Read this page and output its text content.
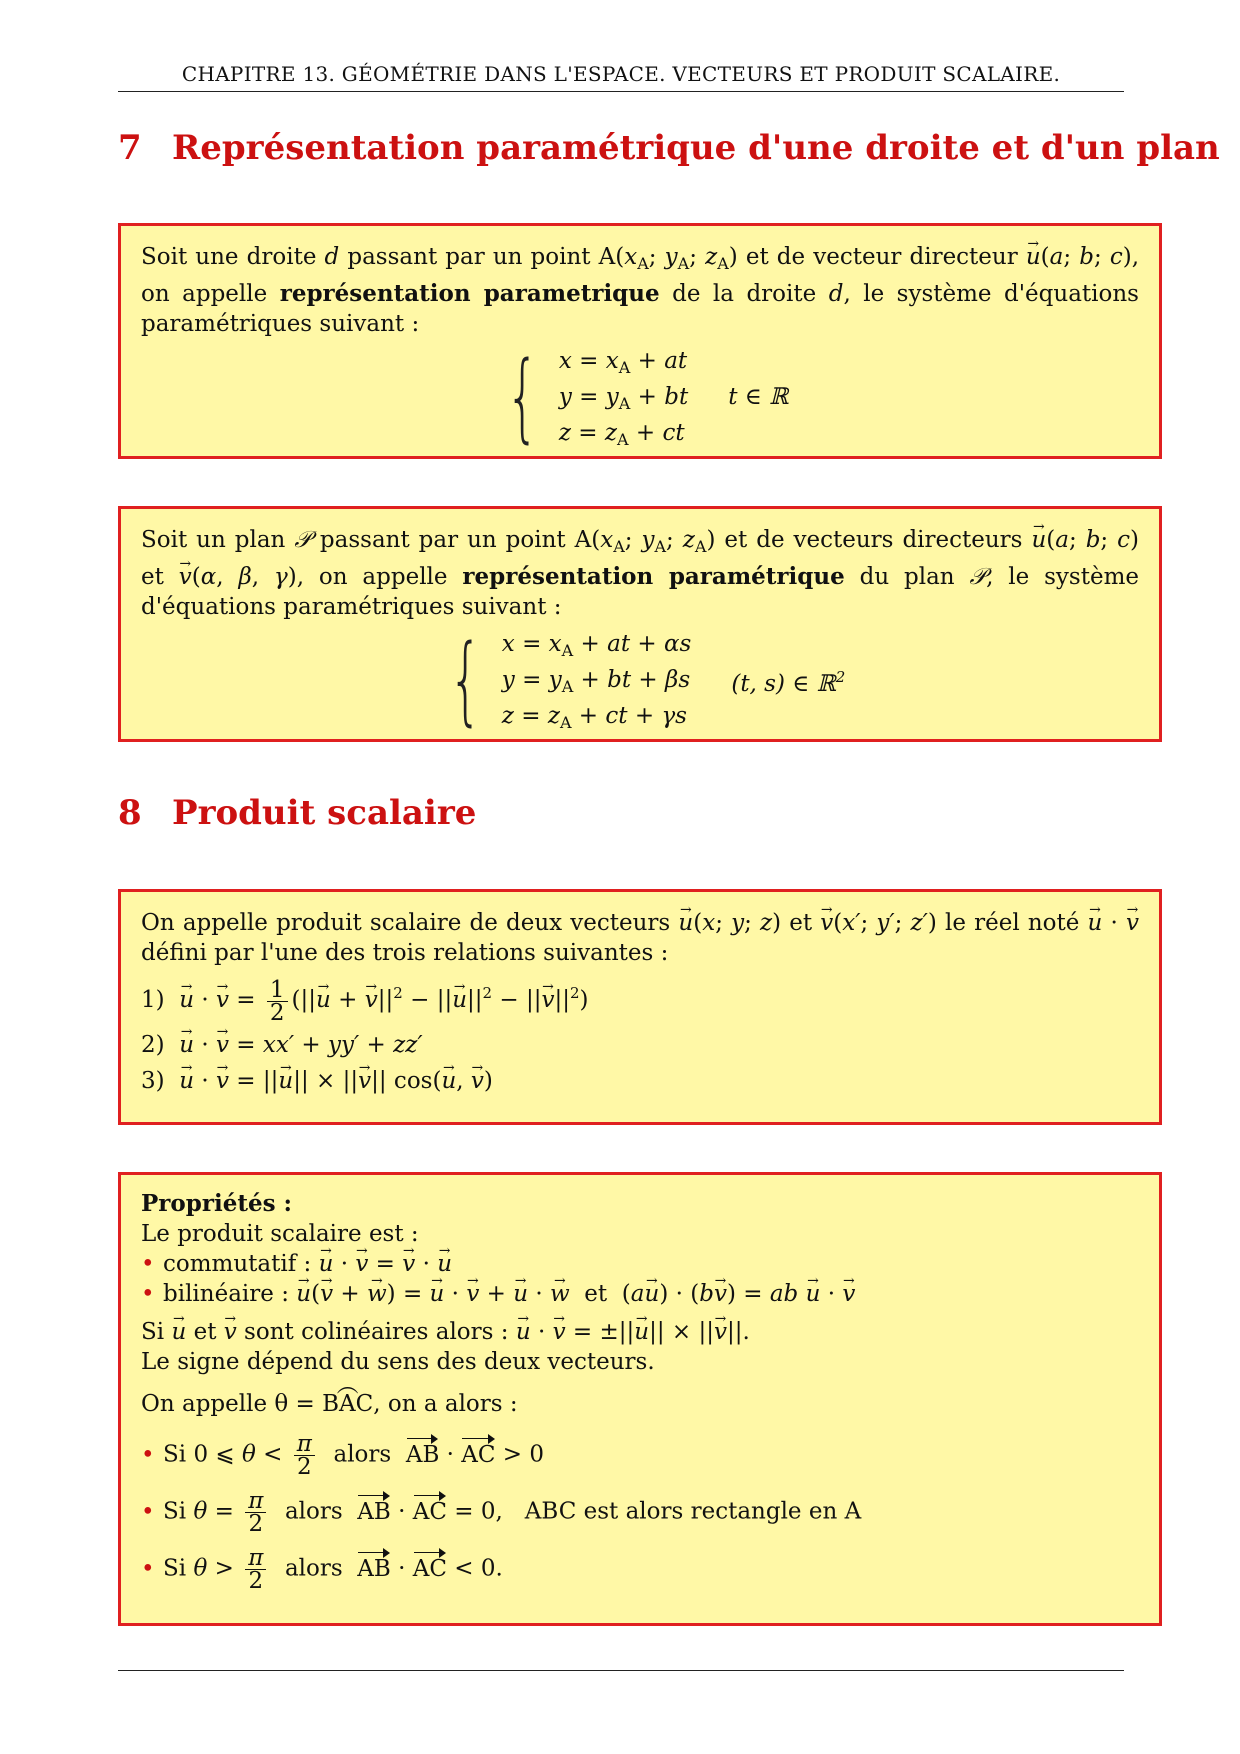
CHAPITRE 13. GÉOMÉTRIE DANS L'ESPACE. VECTEURS ET PRODUIT SCALAIRE.
7 Représentation paramétrique d'une droite et d'un plan

Soit une droite d passant par un point $A(x_A$; $y_A$; $z_A$) et de vecteur directeur → u(a; b; c), on appelle représentation parametrique de la droite d, le système d'équations paramétriques suivant :

{ $x = x_A$ + at
$y = y_A$ + bt
$z = z_A$ + ct
t ∈ ℝ

Soit un plan 𝒫 passant par un point $A(x_A$; $y_A$; $z_A$) et de vecteurs directeurs → u(a; b; c) et → v(α, β, γ), on appelle représentation paramétrique du plan 𝒫, le système d'équations paramétriques suivant :

{ $x = x_A$ + at + αs
$y = y_A$ + bt + βs
$z = z_A$ + ct + γs
(t, s) ∈ ℝ$^2$
8 Produit scalaire

On appelle produit scalaire de deux vecteurs → u(x; y; z) et → v(x′; y′; z′) le réel noté → u · → v défini par l'une des trois relations suivantes :

1) → u · → $v = \frac{1}{2}$ (||→ u + → $v||^2$ − ||→ $u||^2$ − ||→ $v||^2$)
2) → u · → v = xx′ + yy′ + zz′
3) → u · → v = ||→ u|| × ||→ v|| cos(→ u, → v)
Propriétés :
Le produit scalaire est :
• commutatif : → u · → v = → v · → u
• bilinéaire : → u(→ v + → w) = → u · → v + → u · → w et  (a→ u) · (b→ v) = ab → u · → v
Si → u et → v sont colinéaires alors : → u · → v = ±||→ u|| × ||→ v||.
Le signe dépend du sens des deux vecteurs.
On appelle θ = ︵ BAC, on a alors :
• Si 0 ⩽ $\theta < \frac{\pi}{2}$ alors AB · AC > 0
• Si $\theta = \frac{\pi}{2}$ alors AB · AC = 0,   ABC est alors rectangle en A
• Si $\theta > \frac{\pi}{2}$ alors AB · AC < 0.
